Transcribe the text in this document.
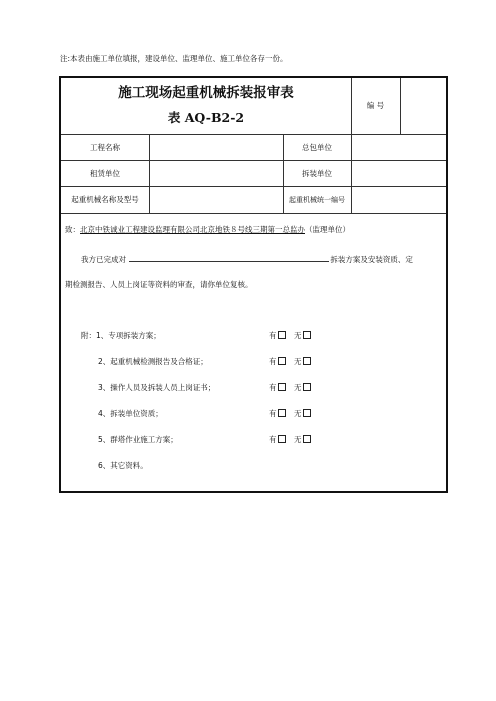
注:本表由施工单位填报，建设单位、监理单位、施工单位各存一份。
施工现场起重机械拆装报审表
表 AQ-B2-2
编 号
工程名称	总包单位
租赁单位	拆装单位
起重机械名称及型号	起重机械统一编号
致：北京中铁诚业工程建设监理有限公司北京地铁８号线三期第一总监办（监理单位）
我方已完成对	拆装方案及安装资质、定
期检测报告、人员上岗证等资料的审查，请你单位复核。
附：1、专项拆装方案；	有	无
2、起重机械检测报告及合格证；	有	无
3、操作人员及拆装人员上岗证书；	有	无
4、拆装单位资质；	有	无
5、群塔作业施工方案；	有	无
6、其它资料。
